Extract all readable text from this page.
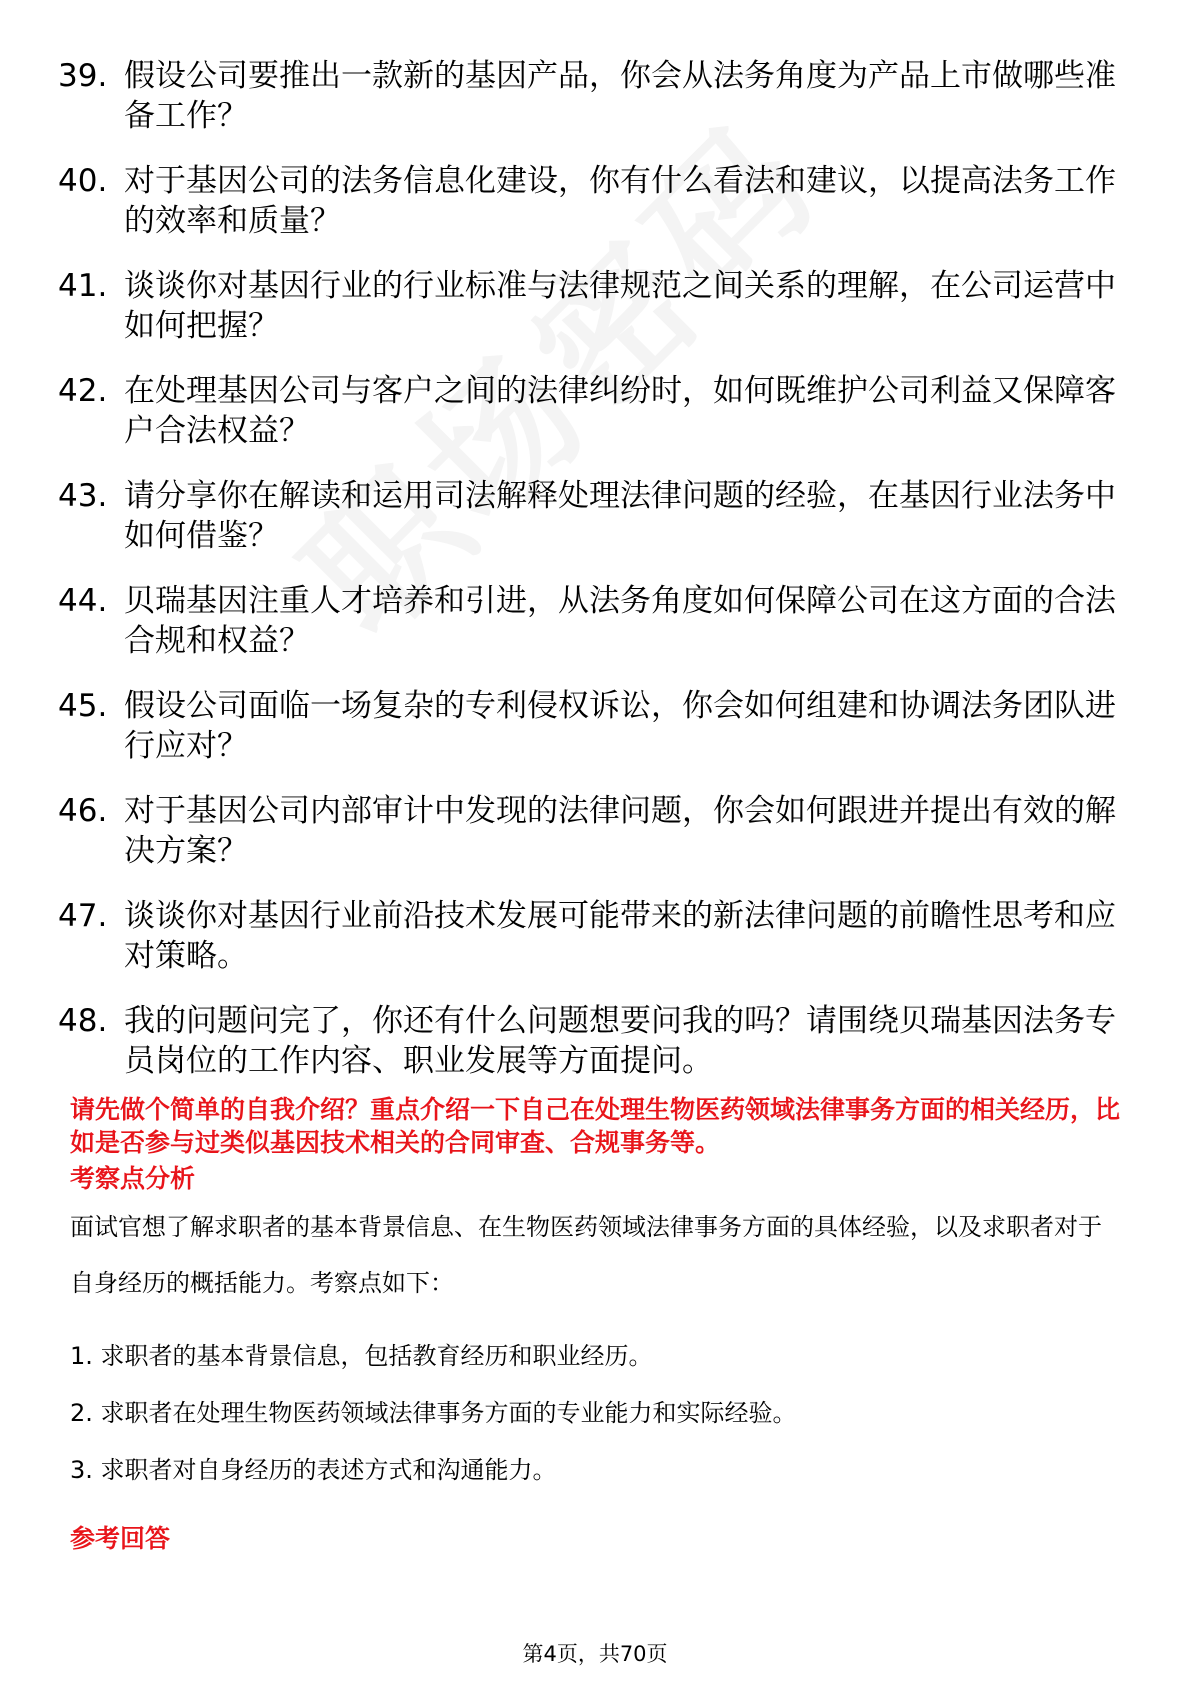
39. 假设公司要推出一款新的基因产品，你会从法务角度为产品上市做哪些准备工作？
40. 对于基因公司的法务信息化建设，你有什么看法和建议，以提高法务工作的效率和质量？
41. 谈谈你对基因行业的行业标准与法律规范之间关系的理解，在公司运营中如何把握？
42. 在处理基因公司与客户之间的法律纠纷时，如何既维护公司利益又保障客户合法权益？
43. 请分享你在解读和运用司法解释处理法律问题的经验，在基因行业法务中如何借鉴？
44. 贝瑞基因注重人才培养和引进，从法务角度如何保障公司在这方面的合法合规和权益？
45. 假设公司面临一场复杂的专利侵权诉讼，你会如何组建和协调法务团队进行应对？
46. 对于基因公司内部审计中发现的法律问题，你会如何跟进并提出有效的解决方案？
47. 谈谈你对基因行业前沿技术发展可能带来的新法律问题的前瞻性思考和应对策略。
48. 我的问题问完了，你还有什么问题想要问我的吗？请围绕贝瑞基因法务专员岗位的工作内容、职业发展等方面提问。

请先做个简单的自我介绍？重点介绍一下自己在处理生物医药领域法律事务方面的相关经历，比如是否参与过类似基因技术相关的合同审查、合规事务等。

考察点分析

面试官想了解求职者的基本背景信息、在生物医药领域法律事务方面的具体经验，以及求职者对于自身经历的概括能力。考察点如下：

1. 求职者的基本背景信息，包括教育经历和职业经历。
2. 求职者在处理生物医药领域法律事务方面的专业能力和实际经验。
3. 求职者对自身经历的表述方式和沟通能力。
参考回答
第4页，共70页
